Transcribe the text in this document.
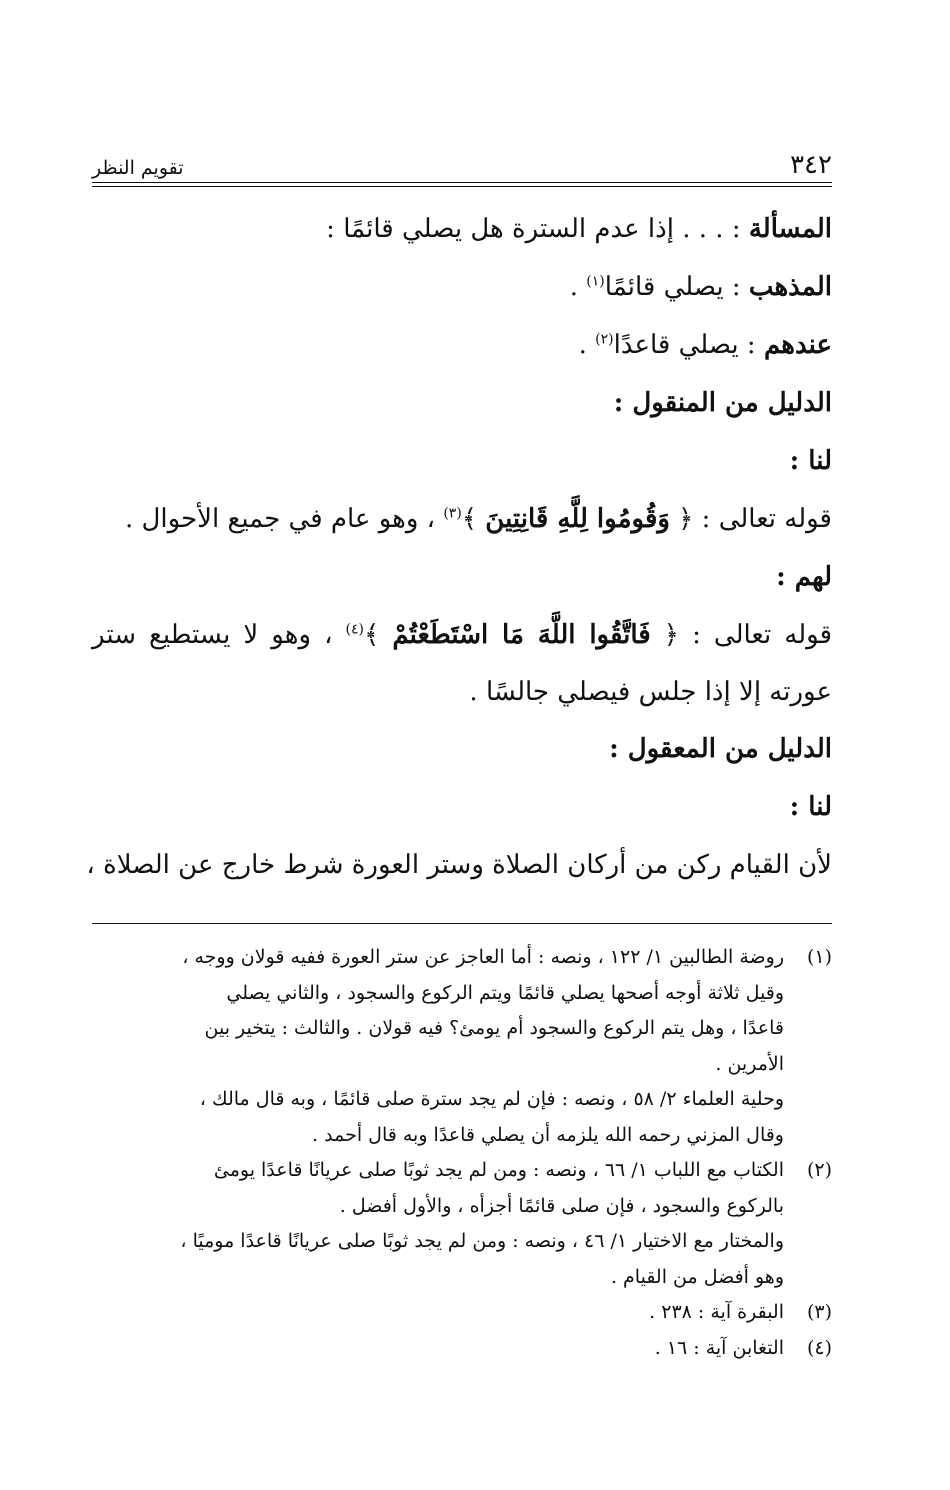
٣٤٢
تقويم النظر
المسألة : . . . إذا عدم السترة هل يصلي قائمًا :
المذهب : يصلي قائمًا$^{(١)}$ .
عندهم : يصلي قاعدًا$^{(٢)}$ .
الدليل من المنقول :
لنا :
قوله تعالى : ﴿ وَقُومُوا لِلَّهِ قَانِتِينَ ﴾$^{(٣)}$ ، وهو عام في جميع الأحوال .
لهم :
قوله تعالى : ﴿ فَاتَّقُوا اللَّهَ مَا اسْتَطَعْتُمْ ﴾$^{(٤)}$ ، وهو لا يستطيع ستر
عورته إلا إذا جلس فيصلي جالسًا .
الدليل من المعقول :
لنا :
لأن القيام ركن من أركان الصلاة وستر العورة شرط خارج عن الصلاة ،
(١)روضة الطالبين ١/ ١٢٢ ، ونصه : أما العاجز عن ستر العورة ففيه قولان ووجه ،
وقيل ثلاثة أوجه أصحها يصلي قائمًا ويتم الركوع والسجود ، والثاني يصلي
قاعدًا ، وهل يتم الركوع والسجود أم يومئ؟ فيه قولان . والثالث : يتخير بين
الأمرين .
وحلية العلماء ٢/ ٥٨ ، ونصه : فإن لم يجد سترة صلى قائمًا ، وبه قال مالك ،
وقال المزني رحمه الله يلزمه أن يصلي قاعدًا وبه قال أحمد .
(٢)الكتاب مع اللباب ١/ ٦٦ ، ونصه : ومن لم يجد ثوبًا صلى عريانًا قاعدًا يومئ
بالركوع والسجود ، فإن صلى قائمًا أجزأه ، والأول أفضل .
والمختار مع الاختيار ١/ ٤٦ ، ونصه : ومن لم يجد ثوبًا صلى عريانًا قاعدًا موميًا ،
وهو أفضل من القيام .
(٣)البقرة آية : ٢٣٨ .
(٤)التغابن آية : ١٦ .
